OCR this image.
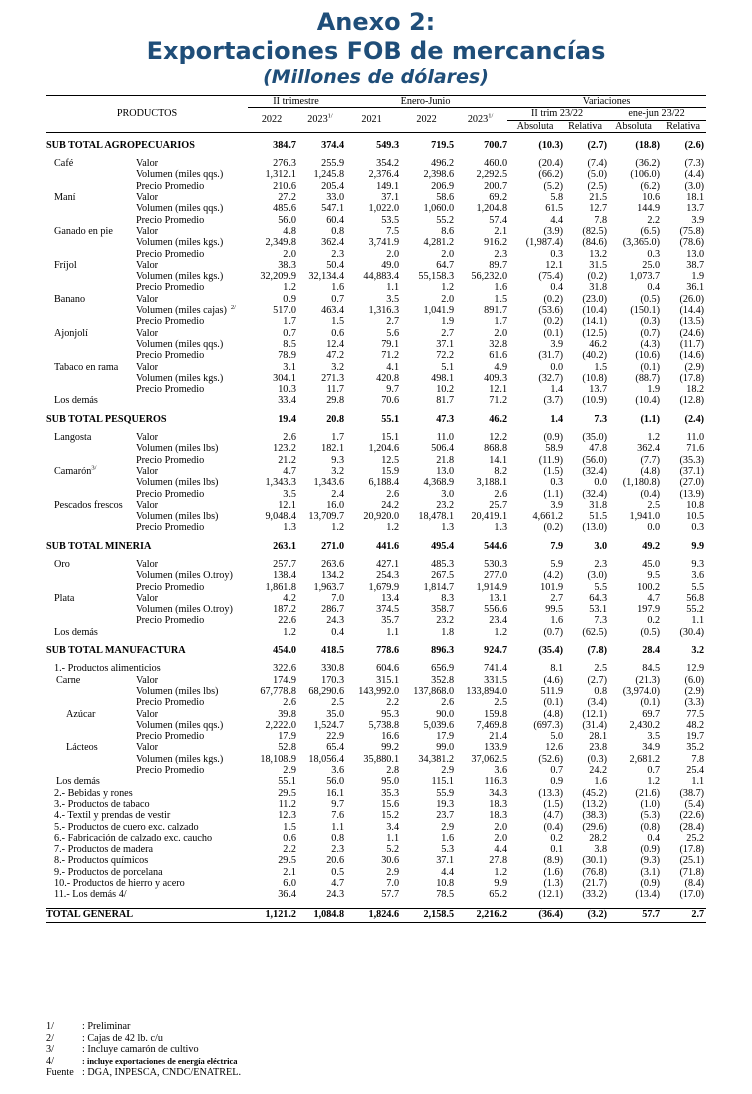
Anexo 2:
Exportaciones FOB de mercancías
(Millones de dólares)
PRODUCTOS		II trimestre		Enero-Junio			Variaciones			
		2022	$2023^{1/}$	2021	2022	$2023^{1/}$	II trim 23/22		ene-jun 23/22	
							Absoluta	Relativa	Absoluta	Relativa

SUB TOTAL AGROPECUARIOS		384.7	374.4	549.3	719.5	700.7	(10.3)	(2.7)	(18.8)	(2.6)

Café	Valor	276.3	255.9	354.2	496.2	460.0	(20.4)	(7.4)	(36.2)	(7.3)
	Volumen (miles qqs.)	1,312.1	1,245.8	2,376.4	2,398.6	2,292.5	(66.2)	(5.0)	(106.0)	(4.4)
	Precio Promedio	210.6	205.4	149.1	206.9	200.7	(5.2)	(2.5)	(6.2)	(3.0)
Maní	Valor	27.2	33.0	37.1	58.6	69.2	5.8	21.5	10.6	18.1
	Volumen (miles qqs.)	485.6	547.1	1,022.0	1,060.0	1,204.8	61.5	12.7	144.9	13.7
	Precio Promedio	56.0	60.4	53.5	55.2	57.4	4.4	7.8	2.2	3.9
Ganado en pie	Valor	4.8	0.8	7.5	8.6	2.1	(3.9)	(82.5)	(6.5)	(75.8)
	Volumen (miles kgs.)	2,349.8	362.4	3,741.9	4,281.2	916.2	(1,987.4)	(84.6)	(3,365.0)	(78.6)
	Precio Promedio	2.0	2.3	2.0	2.0	2.3	0.3	13.2	0.3	13.0
Fríjol	Valor	38.3	50.4	49.0	64.7	89.7	12.1	31.5	25.0	38.7
	Volumen (miles kgs.)	32,209.9	32,134.4	44,883.4	55,158.3	56,232.0	(75.4)	(0.2)	1,073.7	1.9
	Precio Promedio	1.2	1.6	1.1	1.2	1.6	0.4	31.8	0.4	36.1
Banano	Valor	0.9	0.7	3.5	2.0	1.5	(0.2)	(23.0)	(0.5)	(26.0)
	Volumen (miles cajas) $^{2/}$	517.0	463.4	1,316.3	1,041.9	891.7	(53.6)	(10.4)	(150.1)	(14.4)
	Precio Promedio	1.7	1.5	2.7	1.9	1.7	(0.2)	(14.1)	(0.3)	(13.5)
Ajonjolí	Valor	0.7	0.6	5.6	2.7	2.0	(0.1)	(12.5)	(0.7)	(24.6)
	Volumen (miles qqs.)	8.5	12.4	79.1	37.1	32.8	3.9	46.2	(4.3)	(11.7)
	Precio Promedio	78.9	47.2	71.2	72.2	61.6	(31.7)	(40.2)	(10.6)	(14.6)
Tabaco en rama	Valor	3.1	3.2	4.1	5.1	4.9	0.0	1.5	(0.1)	(2.9)
	Volumen (miles kgs.)	304.1	271.3	420.8	498.1	409.3	(32.7)	(10.8)	(88.7)	(17.8)
	Precio Promedio	10.3	11.7	9.7	10.2	12.1	1.4	13.7	1.9	18.2
Los demás		33.4	29.8	70.6	81.7	71.2	(3.7)	(10.9)	(10.4)	(12.8)

SUB TOTAL PESQUEROS		19.4	20.8	55.1	47.3	46.2	1.4	7.3	(1.1)	(2.4)

Langosta	Valor	2.6	1.7	15.1	11.0	12.2	(0.9)	(35.0)	1.2	11.0
	Volumen (miles lbs)	123.2	182.1	1,204.6	506.4	868.8	58.9	47.8	362.4	71.6
	Precio Promedio	21.2	9.3	12.5	21.8	14.1	(11.9)	(56.0)	(7.7)	(35.3)
Camarón$^{3/}$	Valor	4.7	3.2	15.9	13.0	8.2	(1.5)	(32.4)	(4.8)	(37.1)
	Volumen (miles lbs)	1,343.3	1,343.6	6,188.4	4,368.9	3,188.1	0.3	0.0	(1,180.8)	(27.0)
	Precio Promedio	3.5	2.4	2.6	3.0	2.6	(1.1)	(32.4)	(0.4)	(13.9)
Pescados frescos	Valor	12.1	16.0	24.2	23.2	25.7	3.9	31.8	2.5	10.8
	Volumen (miles lbs)	9,048.4	13,709.7	20,920.0	18,478.1	20,419.1	4,661.2	51.5	1,941.0	10.5
	Precio Promedio	1.3	1.2	1.2	1.3	1.3	(0.2)	(13.0)	0.0	0.3

SUB TOTAL MINERIA		263.1	271.0	441.6	495.4	544.6	7.9	3.0	49.2	9.9

Oro	Valor	257.7	263.6	427.1	485.3	530.3	5.9	2.3	45.0	9.3
	Volumen (miles O.troy)	138.4	134.2	254.3	267.5	277.0	(4.2)	(3.0)	9.5	3.6
	Precio Promedio	1,861.8	1,963.7	1,679.9	1,814.7	1,914.9	101.9	5.5	100.2	5.5
Plata	Valor	4.2	7.0	13.4	8.3	13.1	2.7	64.3	4.7	56.8
	Volumen (miles O.troy)	187.2	286.7	374.5	358.7	556.6	99.5	53.1	197.9	55.2
	Precio Promedio	22.6	24.3	35.7	23.2	23.4	1.6	7.3	0.2	1.1
Los demás		1.2	0.4	1.1	1.8	1.2	(0.7)	(62.5)	(0.5)	(30.4)

SUB TOTAL MANUFACTURA		454.0	418.5	778.6	896.3	924.7	(35.4)	(7.8)	28.4	3.2

1.- Productos alimenticios		322.6	330.8	604.6	656.9	741.4	8.1	2.5	84.5	12.9
Carne	Valor	174.9	170.3	315.1	352.8	331.5	(4.6)	(2.7)	(21.3)	(6.0)
	Volumen (miles lbs)	67,778.8	68,290.6	143,992.0	137,868.0	133,894.0	511.9	0.8	(3,974.0)	(2.9)
	Precio Promedio	2.6	2.5	2.2	2.6	2.5	(0.1)	(3.4)	(0.1)	(3.3)
Azúcar	Valor	39.8	35.0	95.3	90.0	159.8	(4.8)	(12.1)	69.7	77.5
	Volumen (miles qqs.)	2,222.0	1,524.7	5,738.8	5,039.6	7,469.8	(697.3)	(31.4)	2,430.2	48.2
	Precio Promedio	17.9	22.9	16.6	17.9	21.4	5.0	28.1	3.5	19.7
Lácteos	Valor	52.8	65.4	99.2	99.0	133.9	12.6	23.8	34.9	35.2
	Volumen (miles kgs.)	18,108.9	18,056.4	35,880.1	34,381.2	37,062.5	(52.6)	(0.3)	2,681.2	7.8
	Precio Promedio	2.9	3.6	2.8	2.9	3.6	0.7	24.2	0.7	25.4
Los demás		55.1	56.0	95.0	115.1	116.3	0.9	1.6	1.2	1.1
2.- Bebidas y rones		29.5	16.1	35.3	55.9	34.3	(13.3)	(45.2)	(21.6)	(38.7)
3.- Productos de tabaco		11.2	9.7	15.6	19.3	18.3	(1.5)	(13.2)	(1.0)	(5.4)
4.- Textil y prendas de vestir		12.3	7.6	15.2	23.7	18.3	(4.7)	(38.3)	(5.3)	(22.6)
5.- Productos de cuero exc. calzado		1.5	1.1	3.4	2.9	2.0	(0.4)	(29.6)	(0.8)	(28.4)
6.- Fabricación de calzado exc. caucho		0.6	0.8	1.1	1.6	2.0	0.2	28.2	0.4	25.2
7.- Productos de madera		2.2	2.3	5.2	5.3	4.4	0.1	3.8	(0.9)	(17.8)
8.- Productos químicos		29.5	20.6	30.6	37.1	27.8	(8.9)	(30.1)	(9.3)	(25.1)
9.- Productos de porcelana		2.1	0.5	2.9	4.4	1.2	(1.6)	(76.8)	(3.1)	(71.8)
10.- Productos de hierro y acero		6.0	4.7	7.0	10.8	9.9	(1.3)	(21.7)	(0.9)	(8.4)
11.- Los demás 4/		36.4	24.3	57.7	78.5	65.2	(12.1)	(33.2)	(13.4)	(17.0)

TOTAL GENERAL		1,121.2	1,084.8	1,824.6	2,158.5	2,216.2	(36.4)	(3.2)	57.7	2.7
1/	: Preliminar
2/	: Cajas de 42 lb. c/u
3/	: Incluye camarón de cultivo
4/	: incluye exportaciones de energía eléctrica
Fuente : DGA, INPESCA, CNDC/ENATREL.
